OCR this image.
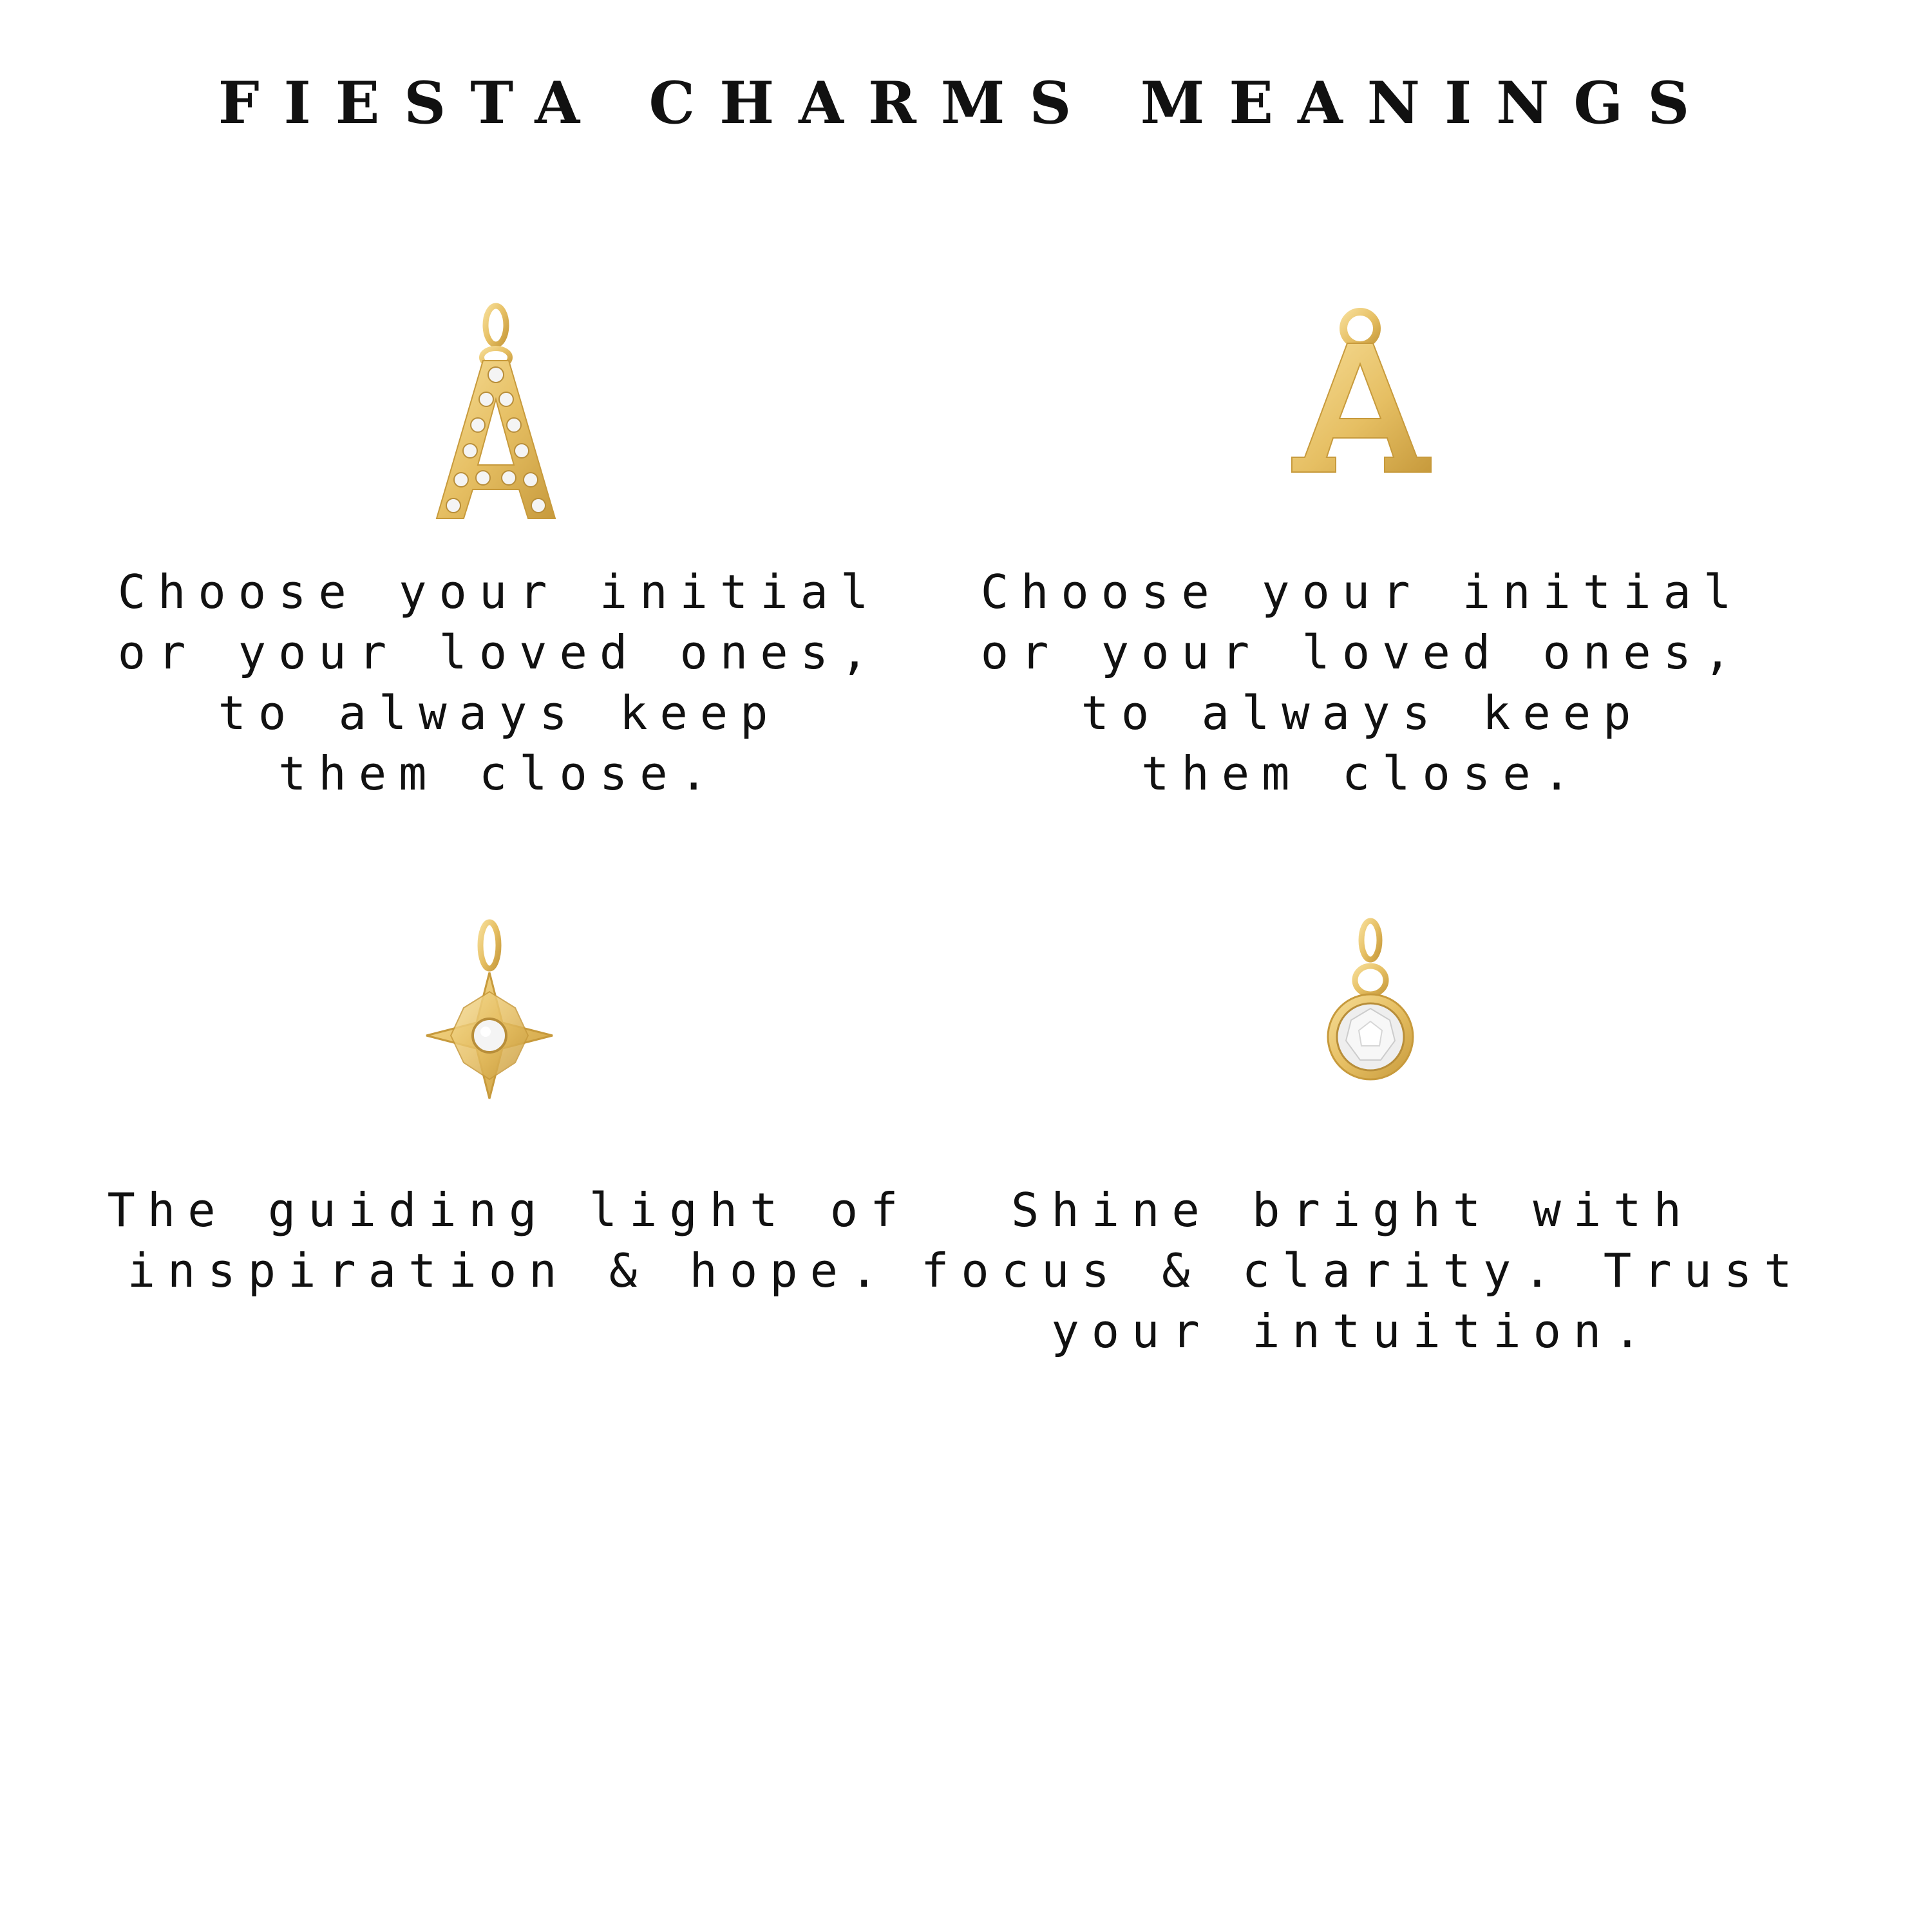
FIESTA CHARMS MEANINGS
Choose your initial
or your loved ones,
to always keep
them close.
Choose your initial
or your loved ones,
to always keep
them close.
The guiding light of
inspiration & hope.
Shine bright with
focus & clarity. Trust
your intuition.
